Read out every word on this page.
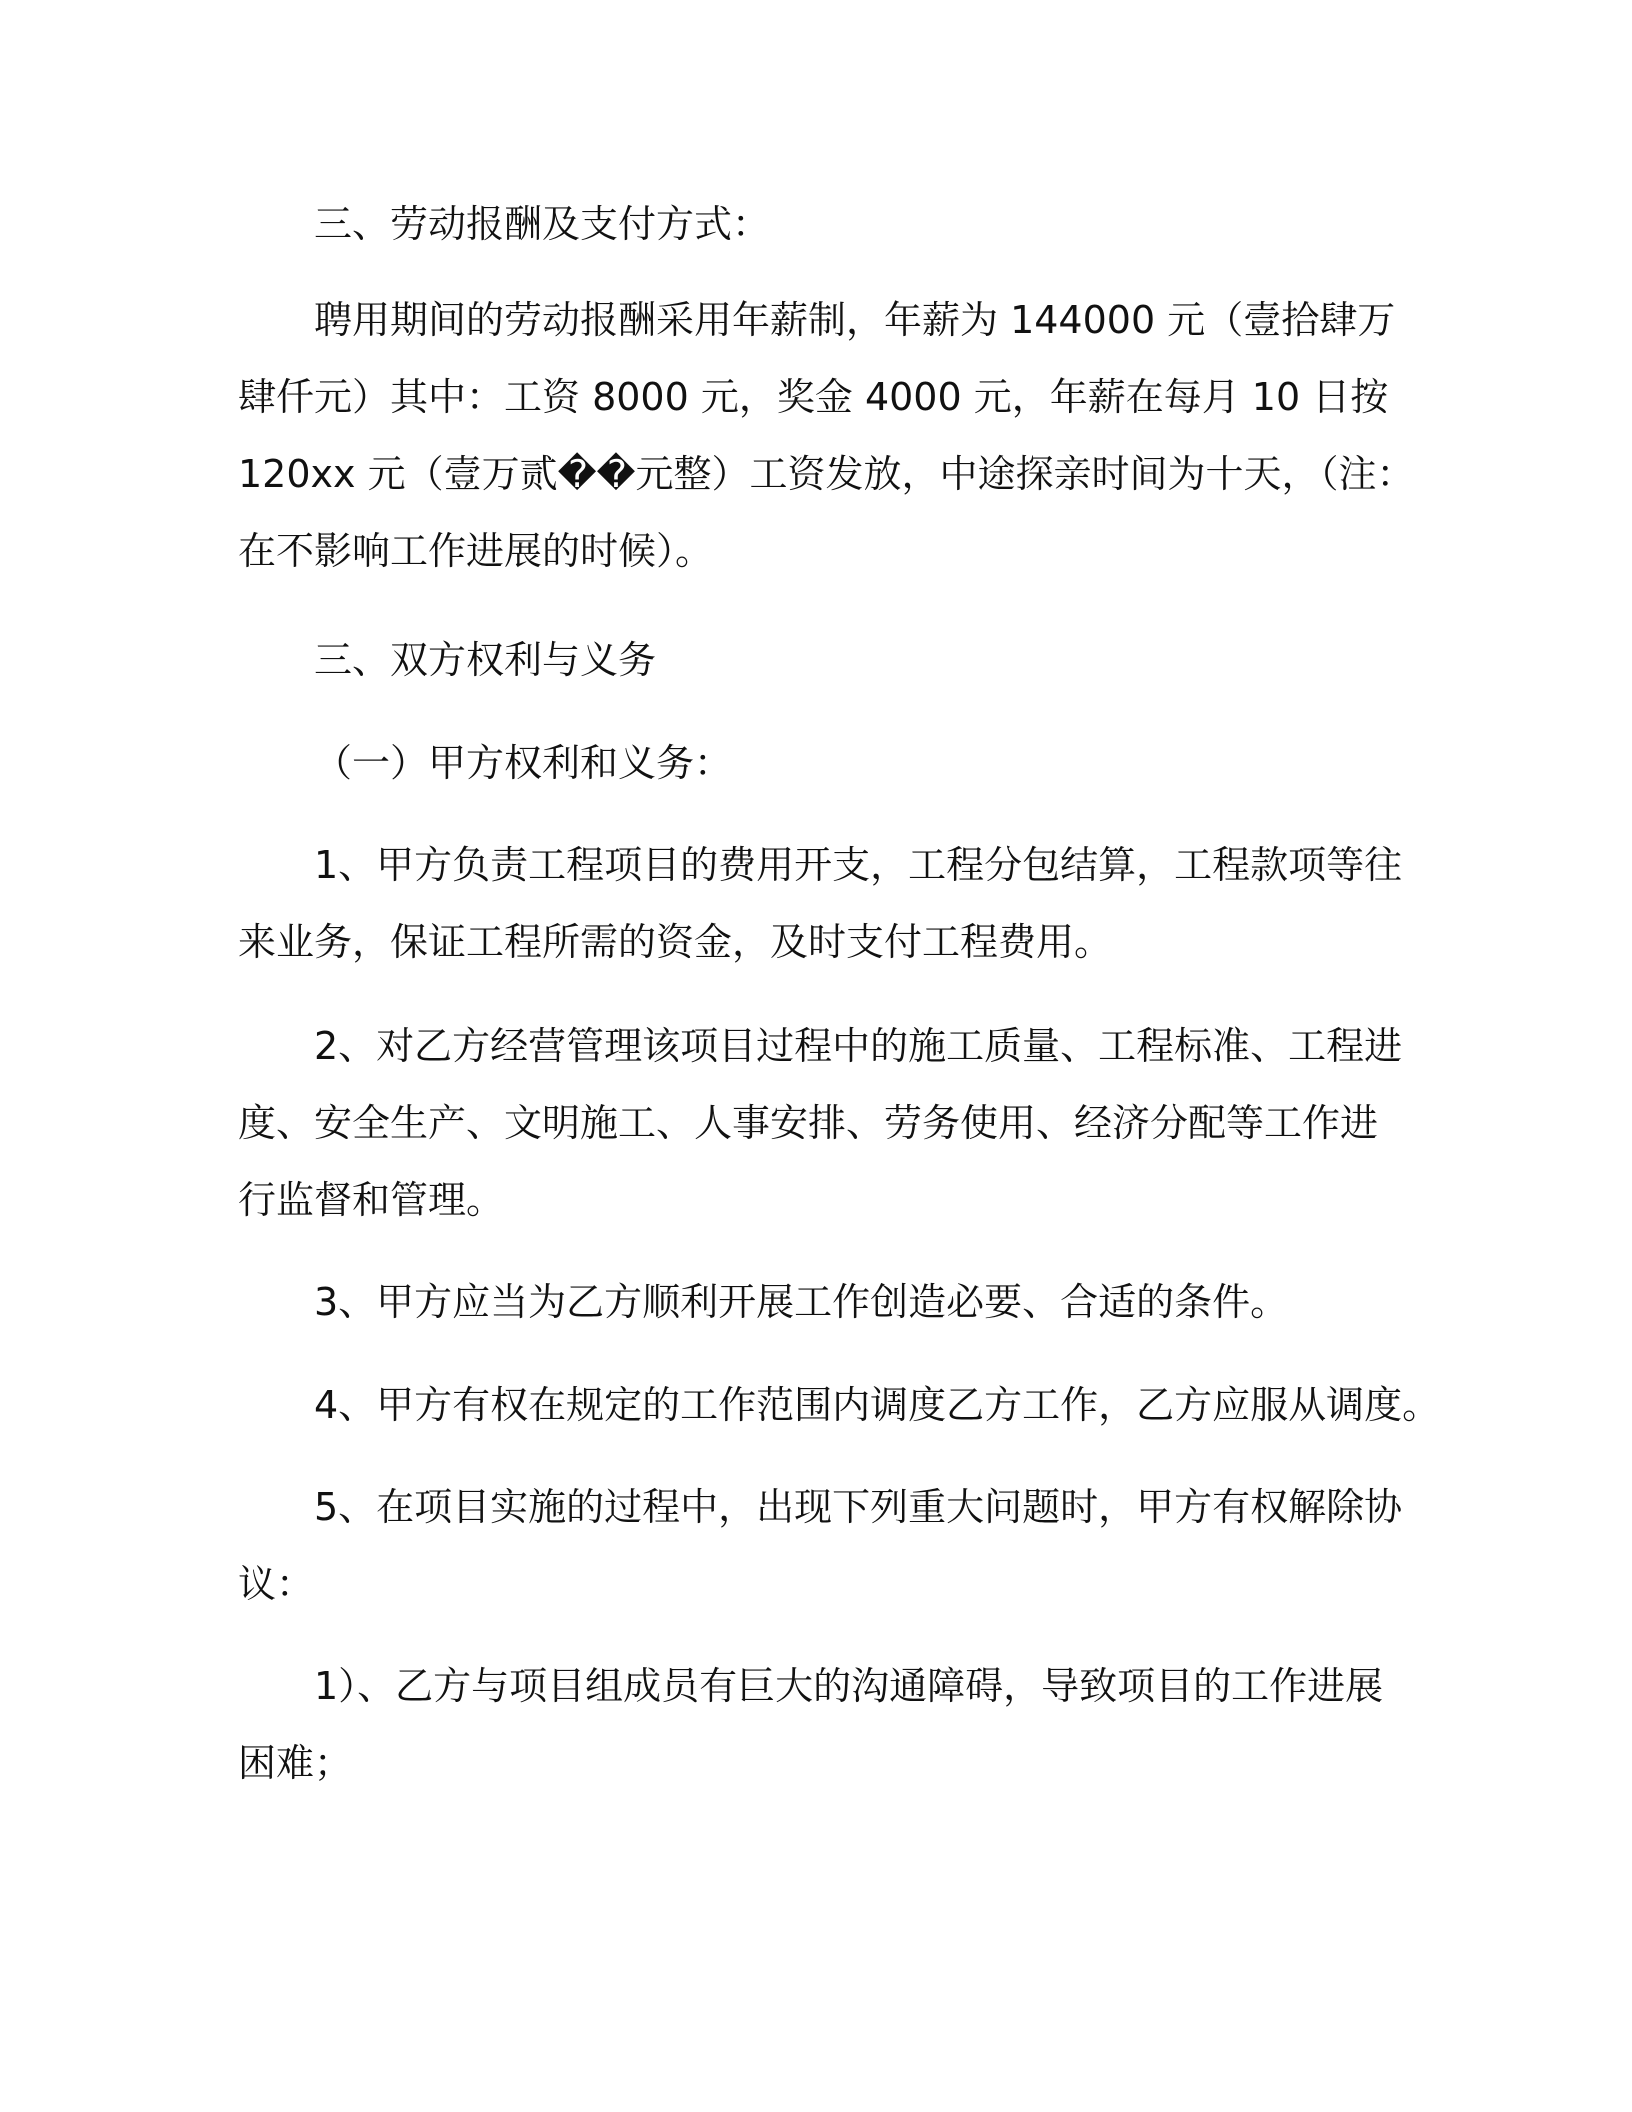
三、劳动报酬及支付方式：
聘用期间的劳动报酬采用年薪制，年薪为 144000 元（壹拾肆万
肆仟元）其中：工资 8000 元，奖金 4000 元，年薪在每月 10 日按
120xx 元（壹万贰��元整）工资发放，中途探亲时间为十天，（注：
在不影响工作进展的时候）。
三、双方权利与义务
（一）甲方权利和义务：
1、甲方负责工程项目的费用开支，工程分包结算，工程款项等往
来业务，保证工程所需的资金，及时支付工程费用。
2、对乙方经营管理该项目过程中的施工质量、工程标准、工程进
度、安全生产、文明施工、人事安排、劳务使用、经济分配等工作进
行监督和管理。
3、甲方应当为乙方顺利开展工作创造必要、合适的条件。
4、甲方有权在规定的工作范围内调度乙方工作，乙方应服从调度。
5、在项目实施的过程中，出现下列重大问题时，甲方有权解除协
议：
1）、乙方与项目组成员有巨大的沟通障碍，导致项目的工作进展
困难；
